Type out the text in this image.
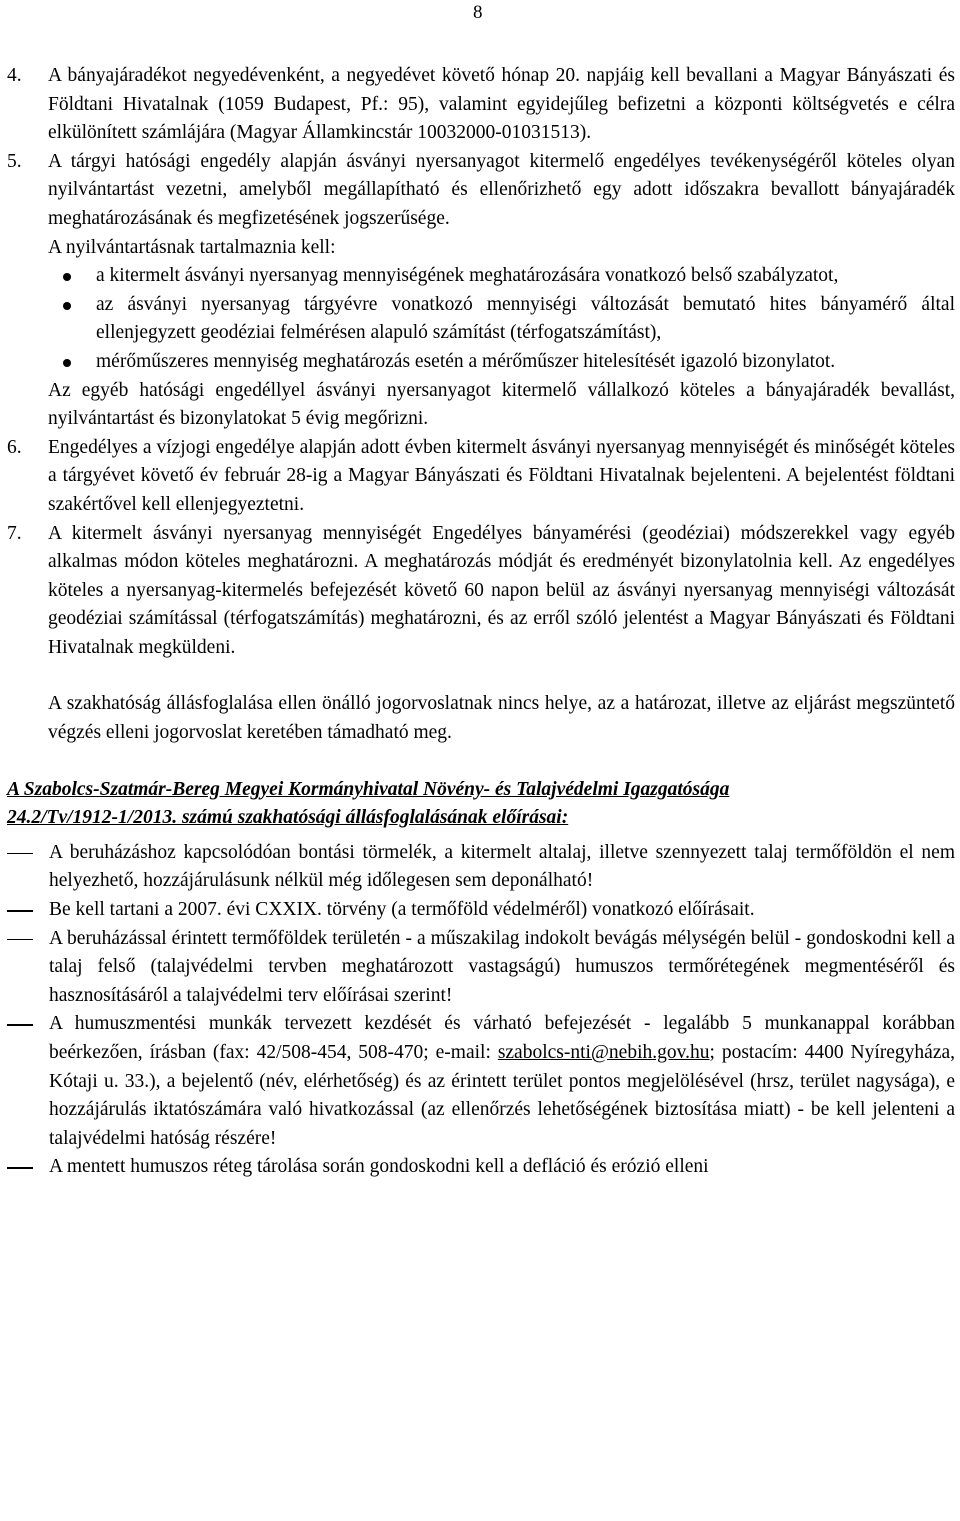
8
4.	A bányajáradékot negyedévenként, a negyedévet követő hónap 20. napjáig kell bevallani a Magyar Bányászati és Földtani Hivatalnak (1059 Budapest, Pf.: 95), valamint egyidejűleg befizetni a központi költségvetés e célra elkülönített számlájára (Magyar Államkincstár 10032000-01031513).

5.	A tárgyi hatósági engedély alapján ásványi nyersanyagot kitermelő engedélyes tevékenységéről köteles olyan nyilvántartást vezetni, amelyből megállapítható és ellenőrizhető egy adott időszakra bevallott bányajáradék meghatározásának és megfizetésének jogszerűsége.

A nyilvántartásnak tartalmaznia kell:

a kitermelt ásványi nyersanyag mennyiségének meghatározására vonatkozó belső szabályzatot,
az ásványi nyersanyag tárgyévre vonatkozó mennyiségi változását bemutató hites bányamérő által ellenjegyzett geodéziai felmérésen alapuló számítást (térfogatszámítást),
mérőműszeres mennyiség meghatározás esetén a mérőműszer hitelesítését igazoló bizonylatot.

Az egyéb hatósági engedéllyel ásványi nyersanyagot kitermelő vállalkozó köteles a bányajáradék bevallást, nyilvántartást és bizonylatokat 5 évig megőrizni.

6.	Engedélyes a vízjogi engedélye alapján adott évben kitermelt ásványi nyersanyag mennyiségét és minőségét köteles a tárgyévet követő év február 28-ig a Magyar Bányászati és Földtani Hivatalnak bejelenteni. A bejelentést földtani szakértővel kell ellenjegyeztetni.

7.	A kitermelt ásványi nyersanyag mennyiségét Engedélyes bányamérési (geodéziai) módszerekkel vagy egyéb alkalmas módon köteles meghatározni. A meghatározás módját és eredményét bizonylatolnia kell. Az engedélyes köteles a nyersanyag-kitermelés befejezését követő 60 napon belül az ásványi nyersanyag mennyiségi változását geodéziai számítással (térfogatszámítás) meghatározni, és az erről szóló jelentést a Magyar Bányászati és Földtani Hivatalnak megküldeni.

A szakhatóság állásfoglalása ellen önálló jogorvoslatnak nincs helye, az a határozat, illetve az eljárást megszüntető végzés elleni jogorvoslat keretében támadható meg.

A Szabolcs-Szatmár-Bereg Megyei Kormányhivatal Növény- és Talajvédelmi Igazgatósága
24.2/Tv/1912-1/2013. számú szakhatósági állásfoglalásának előírásai:
A beruházáshoz kapcsolódóan bontási törmelék, a kitermelt altalaj, illetve szennyezett talaj termőföldön el nem helyezhető, hozzájárulásunk nélkül még időlegesen sem deponálható!
Be kell tartani a 2007. évi CXXIX. törvény (a termőföld védelméről) vonatkozó előírásait.
A beruházással érintett termőföldek területén - a műszakilag indokolt bevágás mélységén belül - gondoskodni kell a talaj felső (talajvédelmi tervben meghatározott vastagságú) humuszos termőrétegének megmentéséről és hasznosításáról a talajvédelmi terv előírásai szerint!
A humuszmentési munkák tervezett kezdését és várható befejezését - legalább 5 munkanappal korábban beérkezően, írásban (fax: 42/508-454, 508-470; e-mail: szabolcs-nti@nebih.gov.hu; postacím: 4400 Nyíregyháza, Kótaji u. 33.), a bejelentő (név, elérhetőség) és az érintett terület pontos megjelölésével (hrsz, terület nagysága), e hozzájárulás iktatószámára való hivatkozással (az ellenőrzés lehetőségének biztosítása miatt) - be kell jelenteni a talajvédelmi hatóság részére!
A mentett humuszos réteg tárolása során gondoskodni kell a defláció és erózió elleni
